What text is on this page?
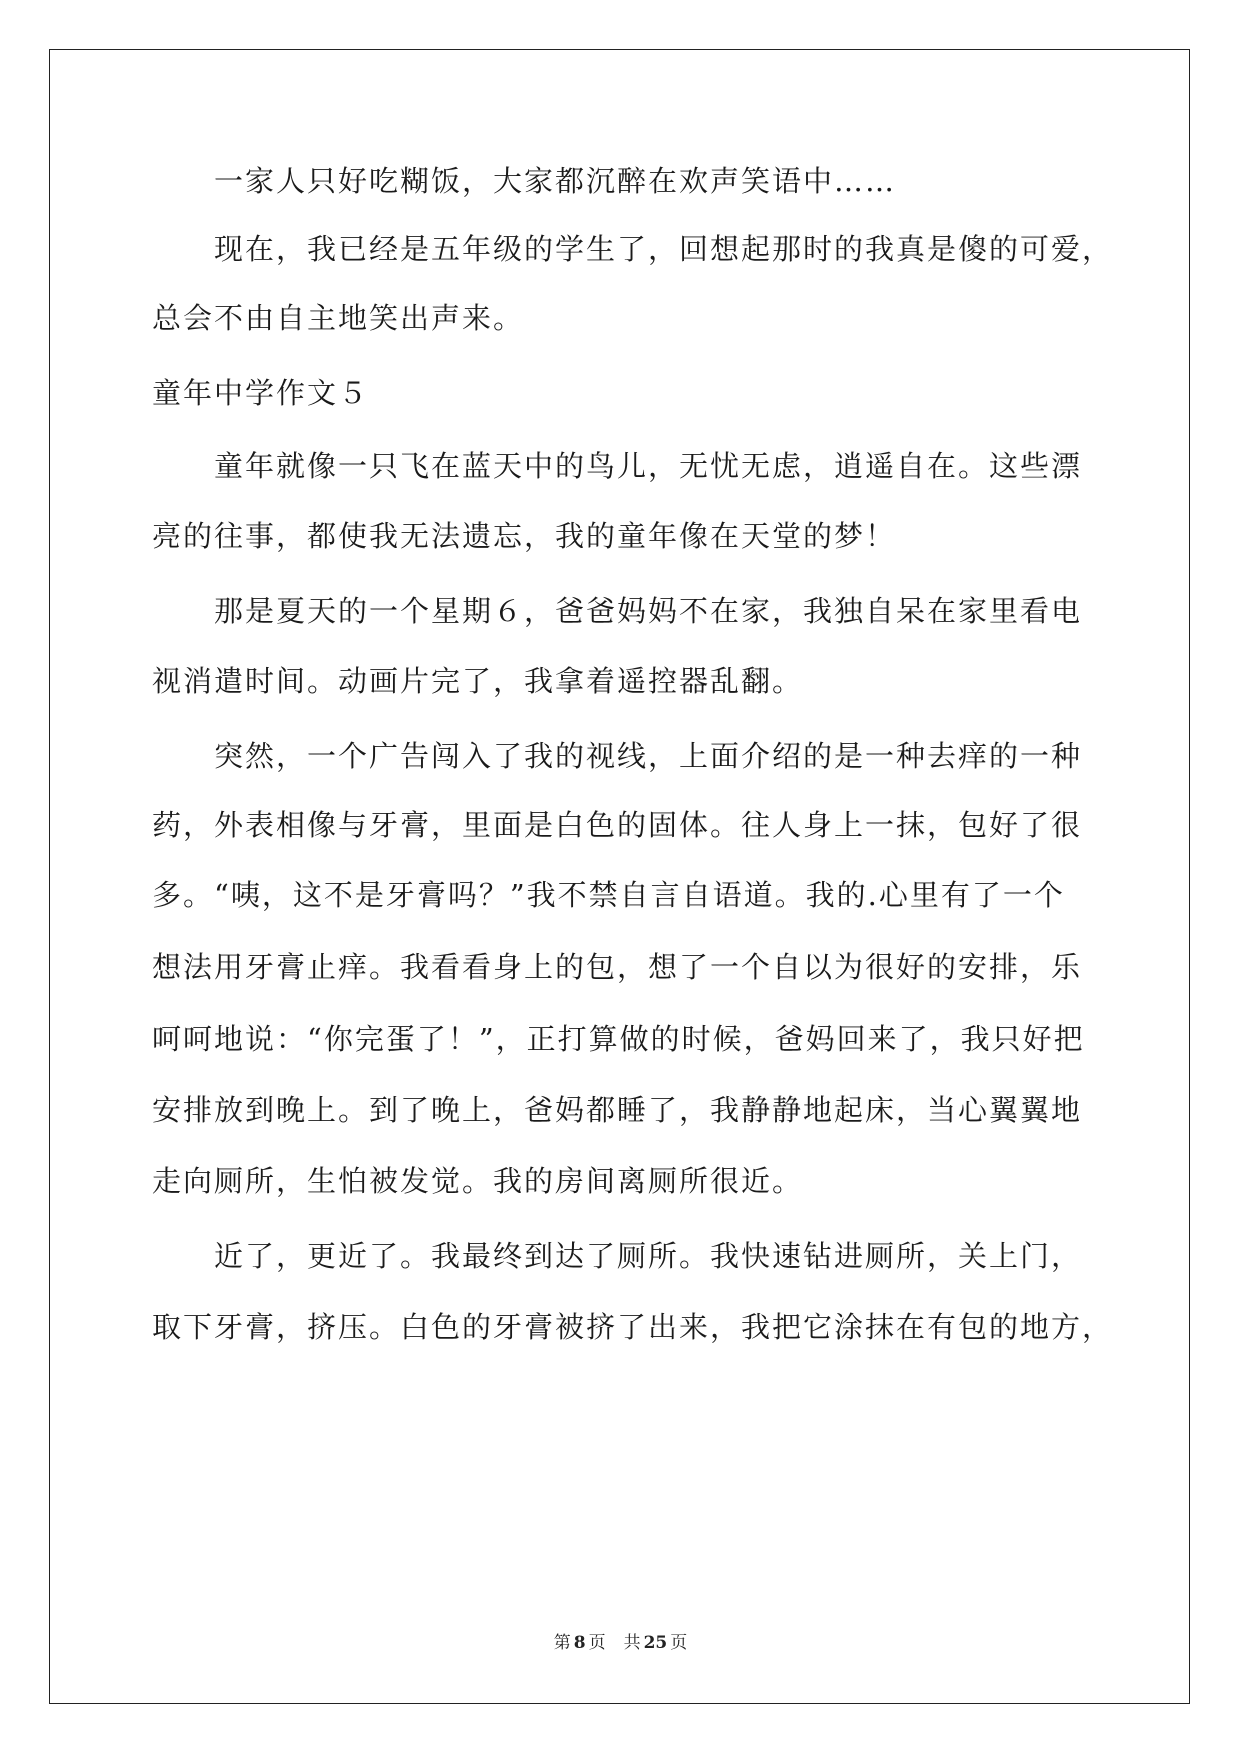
一家人只好吃糊饭，大家都沉醉在欢声笑语中……
现在，我已经是五年级的学生了，回想起那时的我真是傻的可爱，
总会不由自主地笑出声来。
童年中学作文５
童年就像一只飞在蓝天中的鸟儿，无忧无虑，逍遥自在。这些漂
亮的往事，都使我无法遗忘，我的童年像在天堂的梦！
那是夏天的一个星期６，爸爸妈妈不在家，我独自呆在家里看电
视消遣时间。动画片完了，我拿着遥控器乱翻。
突然，一个广告闯入了我的视线，上面介绍的是一种去痒的一种
药，外表相像与牙膏，里面是白色的固体。往人身上一抹，包好了很
多。“咦，这不是牙膏吗？”我不禁自言自语道。我的.心里有了一个
想法用牙膏止痒。我看看身上的包，想了一个自以为很好的安排，乐
呵呵地说：“你完蛋了！”，正打算做的时候，爸妈回来了，我只好把
安排放到晚上。到了晚上，爸妈都睡了，我静静地起床，当心翼翼地
走向厕所，生怕被发觉。我的房间离厕所很近。
近了，更近了。我最终到达了厕所。我快速钻进厕所，关上门，
取下牙膏，挤压。白色的牙膏被挤了出来，我把它涂抹在有包的地方，
第 8 页 共 25 页
